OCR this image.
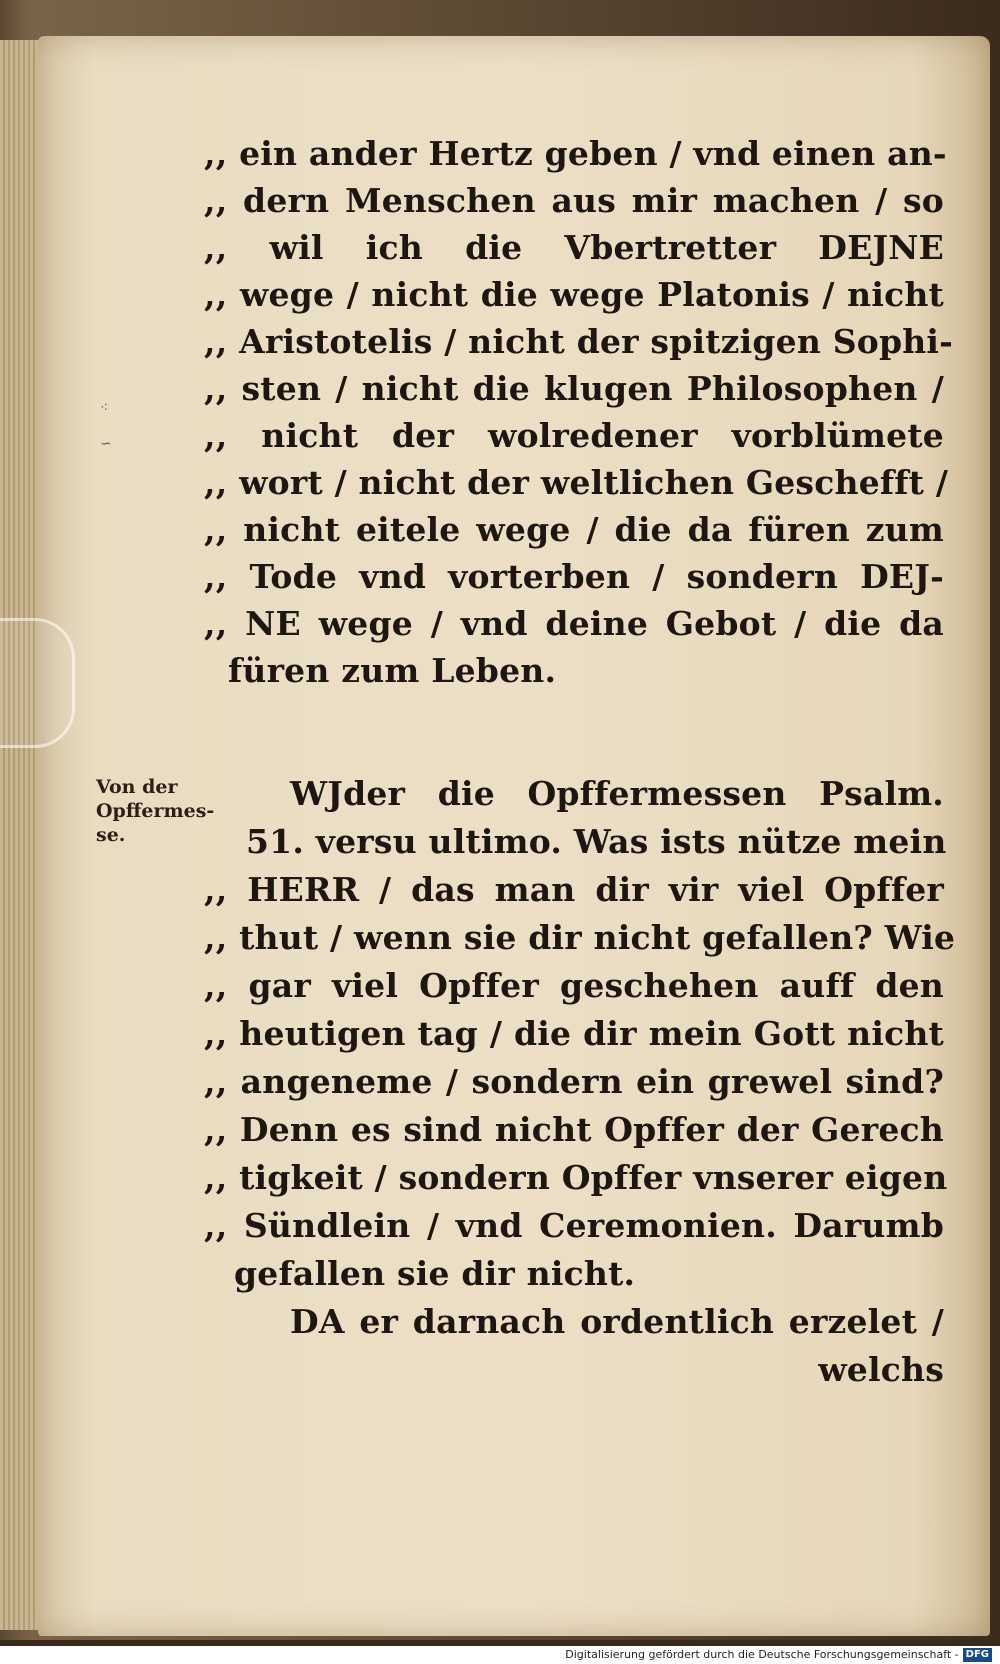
⁖
∽
,, ein ander Hertz geben / vnd einen an-
,, dern Menschen aus mir machen / so
,, wil ich die Vbertretter DEJNE
,, wege / nicht die wege Platonis / nicht
,, Aristotelis / nicht der spitzigen Sophi-
,, sten / nicht die klugen Philosophen /
,, nicht der wolredener vorblümete
,, wort / nicht der weltlichen Geschefft /
,, nicht eitele wege / die da füren zum
,, Tode vnd vorterben / sondern DEJ-
,, NE wege / vnd deine Gebot / die da
füren zum Leben.
Von der
Opffermes-
se.
WJder die Opffermessen Psalm.
51. versu ultimo. Was ists nütze mein
,, HERR / das man dir vir viel Opffer
,, thut / wenn sie dir nicht gefallen? Wie
,, gar viel Opffer geschehen auff den
,, heutigen tag / die dir mein Gott nicht
,, angeneme / sondern ein grewel sind?
,, Denn es sind nicht Opffer der Gerech
,, tigkeit / sondern Opffer vnserer eigen
,, Sündlein / vnd Ceremonien. Darumb
gefallen sie dir nicht.
DA er darnach ordentlich erzelet /
welchs
Digitalisierung gefördert durch die Deutsche Forschungsgemeinschaft - DFG
